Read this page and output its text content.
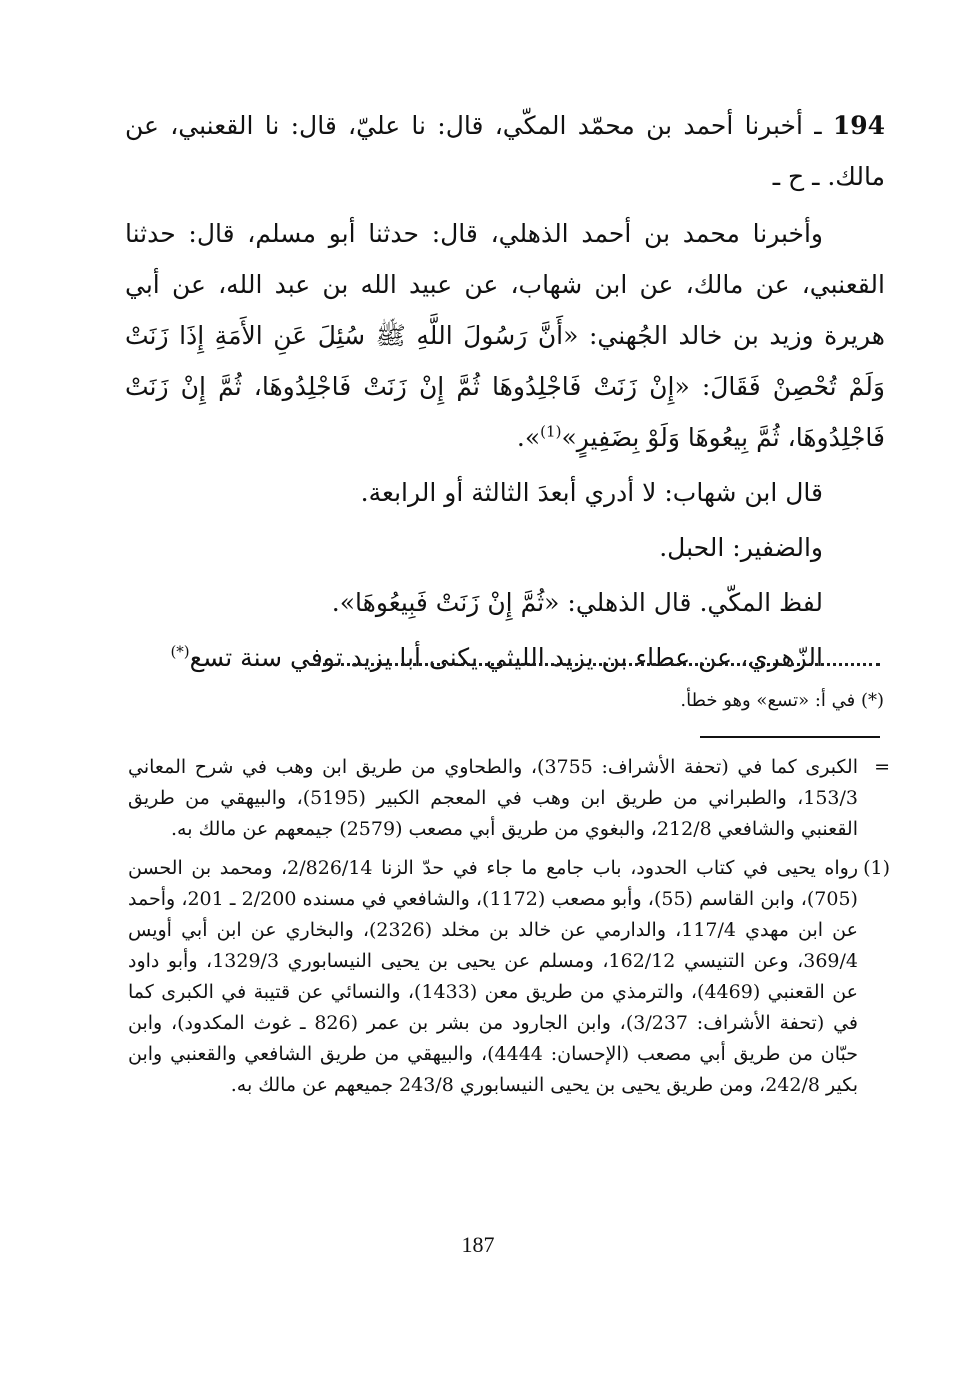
194 ـ أخبرنا أحمد بن محمّد المكّي، قال: نا عليّ، قال: نا القعنبي، عن مالك. ـ ح ـ

وأخبرنا محمد بن أحمد الذهلي، قال: حدثنا أبو مسلم، قال: حدثنا القعنبي، عن مالك، عن ابن شهاب، عن عبيد الله بن عبد الله، عن أبي هريرة وزيد بن خالد الجُهني: «أَنَّ رَسُولَ اللَّهِ ﷺ سُئِلَ عَنِ الأَمَةِ إِذَا زَنَتْ وَلَمْ تُحْصِنْ فَقَالَ: «إِنْ زَنَتْ فَاجْلِدُوهَا ثُمَّ إِنْ زَنَتْ فَاجْلِدُوهَا، ثُمَّ إِنْ زَنَتْ فَاجْلِدُوهَا، ثُمَّ بِيعُوهَا وَلَوْ بِضَفِيرٍ»$^{(1)}$».

قال ابن شهاب: لا أدري أبعدَ الثالثة أو الرابعة.

والضفير: الحبل.

لفظ المكّي. قال الذهلي: «ثُمَّ إِنْ زَنَتْ فَبِيعُوهَا».

الزّهري، عن عطاء بن يزيد الليثي يكنى أبا يزيد توفي سنة تسع(*)

(*) في أ: «تسع» وهو خطأ.

=
الكبرى كما في (تحفة الأشراف: 3755)، والطحاوي من طريق ابن وهب في شرح المعاني 153/3، والطبراني من طريق ابن وهب في المعجم الكبير (5195)، والبيهقي من طريق القعنبي والشافعي 212/8، والبغوي من طريق أبي مصعب (2579) جيمعهم عن مالك به.

(1)
رواه يحيى في كتاب الحدود، باب جامع ما جاء في حدّ الزنا 2/826/14، ومحمد بن الحسن (705)، وابن القاسم (55)، وأبو مصعب (1172)، والشافعي في مسنده 2/200 ـ 201، وأحمد عن ابن مهدي 117/4، والدارمي عن خالد بن مخلد (2326)، والبخاري عن ابن أبي أويس 369/4، وعن التنيسي 162/12، ومسلم عن يحيى بن يحيى النيسابوري 1329/3، وأبو داود عن القعنبي (4469)، والترمذي من طريق معن (1433)، والنسائي عن قتيبة في الكبرى كما في (تحفة الأشراف: 3/237)، وابن الجارود من بشر بن عمر (826 ـ غوث المكدود)، وابن حبّان من طريق أبي مصعب (الإحسان: 4444)، والبيهقي من طريق الشافعي والقعنبي وابن بكير 242/8، ومن طريق يحيى بن يحيى النيسابوري 243/8 جميعهم عن مالك به.

187
